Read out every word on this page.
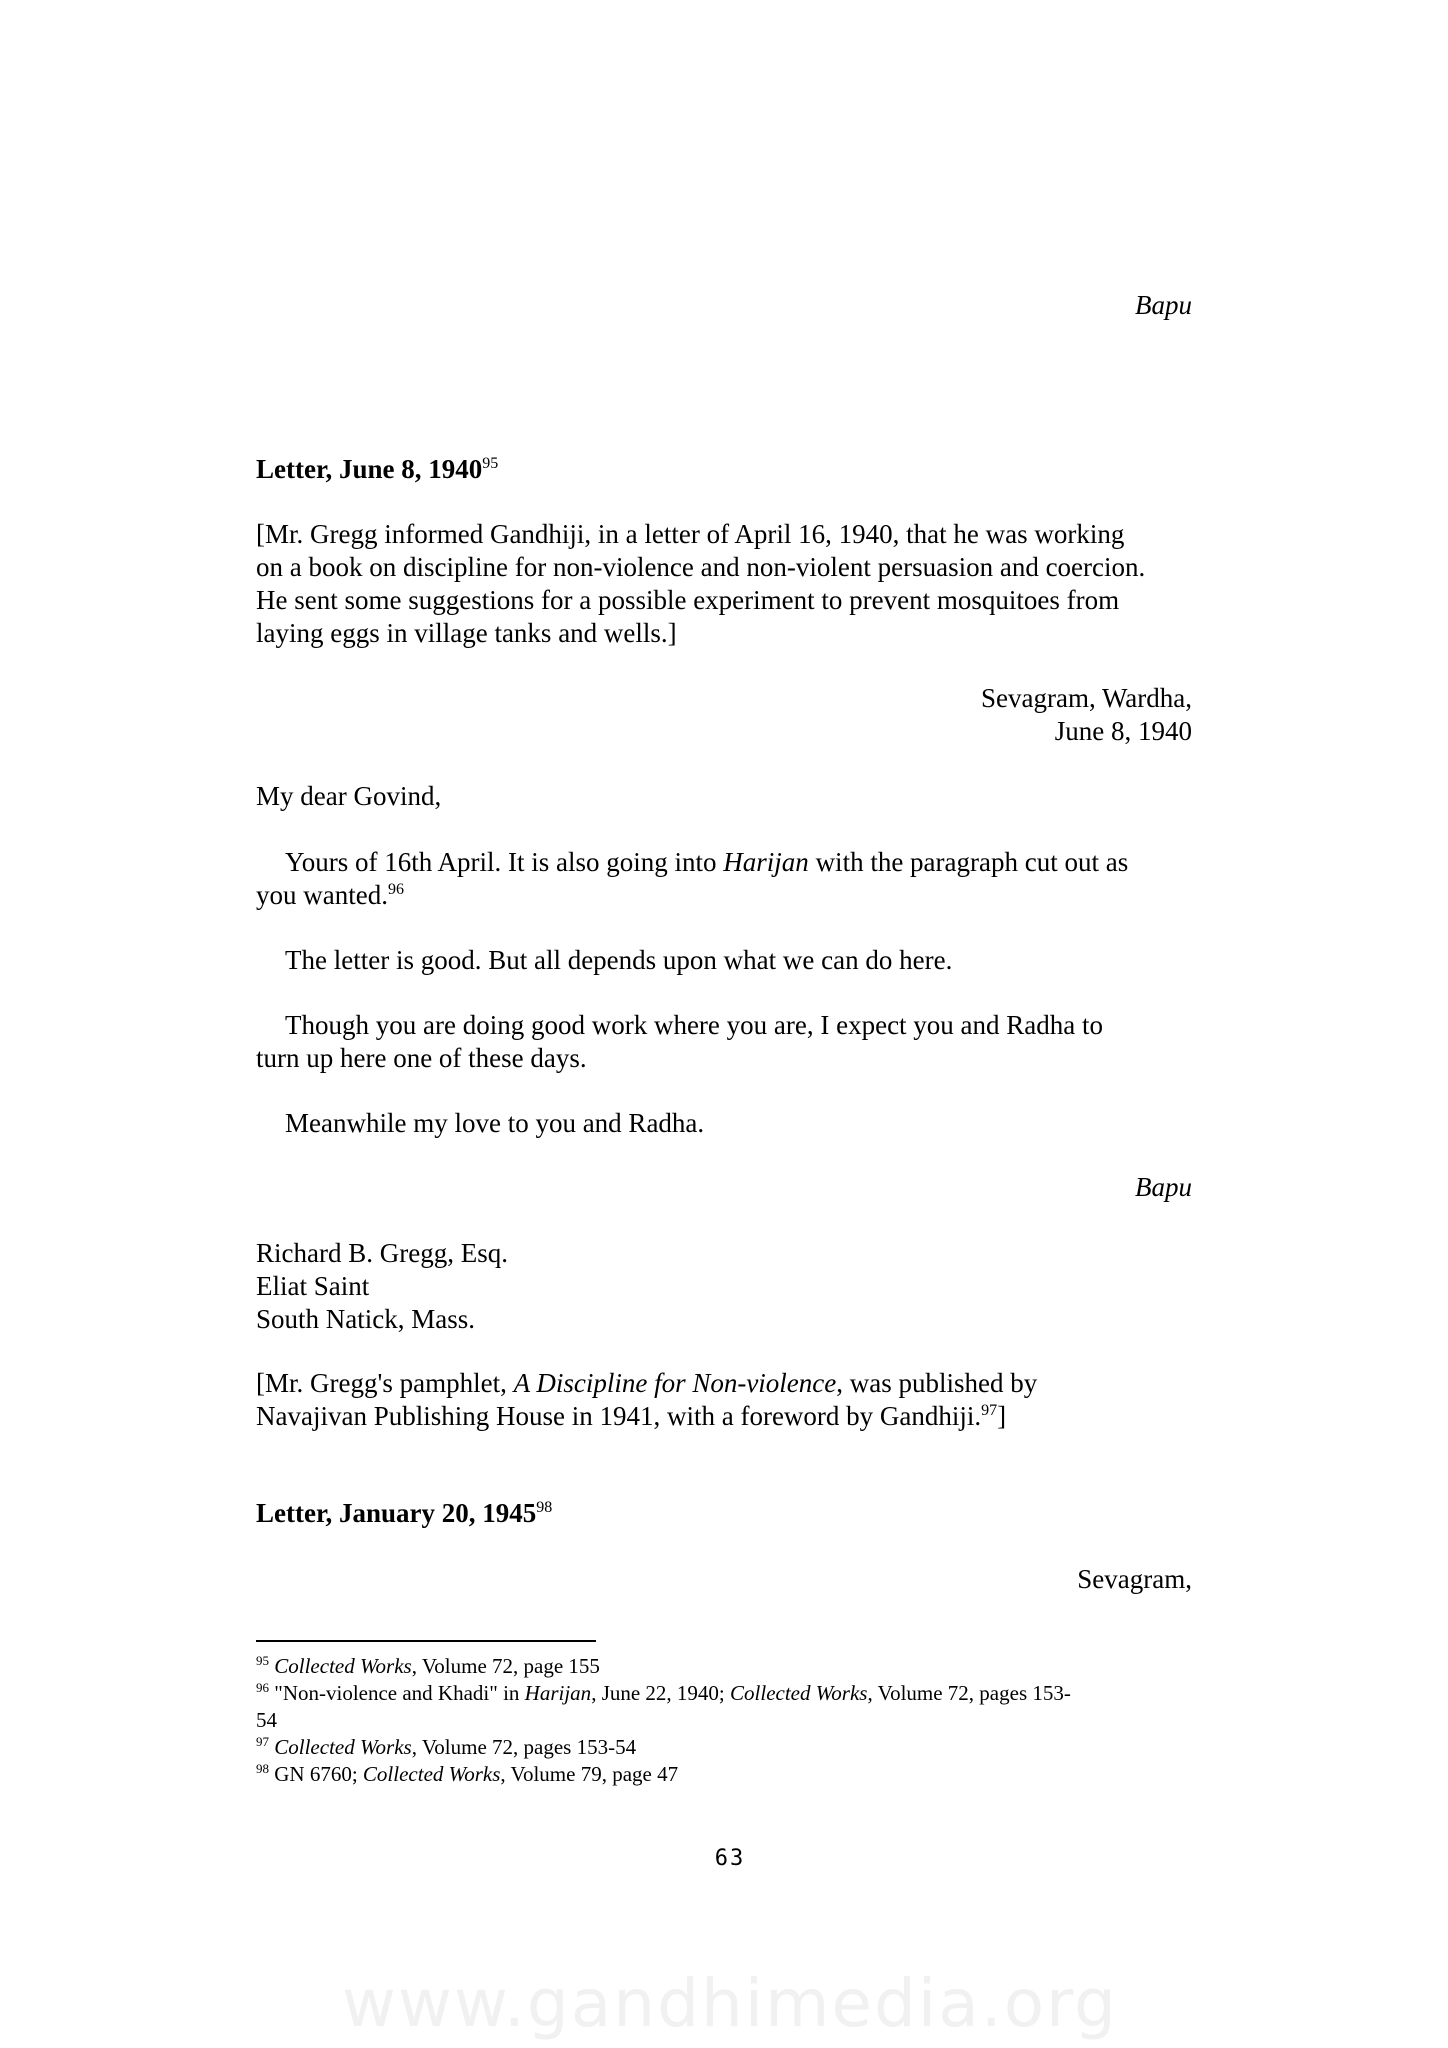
Bapu
Letter, June 8, 1940$^{95}$
[Mr. Gregg informed Gandhiji, in a letter of April 16, 1940, that he was working
on a book on discipline for non-violence and non-violent persuasion and coercion.
He sent some suggestions for a possible experiment to prevent mosquitoes from
laying eggs in village tanks and wells.]
Sevagram, Wardha,
June 8, 1940
My dear Govind,
Yours of 16th April. It is also going into Harijan with the paragraph cut out as
you wanted.$^{96}$
The letter is good. But all depends upon what we can do here.
Though you are doing good work where you are, I expect you and Radha to
turn up here one of these days.
Meanwhile my love to you and Radha.
Bapu
Richard B. Gregg, Esq.
Eliat Saint
South Natick, Mass.
[Mr. Gregg's pamphlet, A Discipline for Non-violence, was published by
Navajivan Publishing House in 1941, with a foreword by Gandhiji.$^{97}$]
Letter, January 20, 1945$^{98}$
Sevagram,
$^{95}$ Collected Works, Volume 72, page 155
$^{96}$ "Non-violence and Khadi" in Harijan, June 22, 1940; Collected Works, Volume 72, pages 153-
54
$^{97}$ Collected Works, Volume 72, pages 153-54
$^{98}$ GN 6760; Collected Works, Volume 79, page 47
63
www.gandhimedia.org
